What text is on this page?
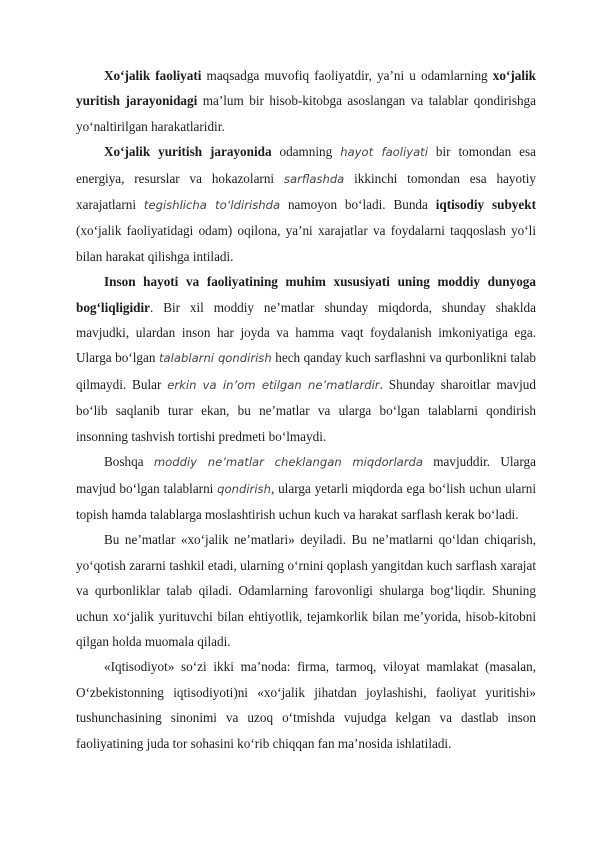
Xo‘jalik faoliyati maqsadga muvofiq faoliyatdir, ya’ni u odamlarning xo‘jalik yuritish jarayonidagi ma’lum bir hisob-kitobga asoslangan va talablar qondirishga yo‘naltirilgan harakatlaridir.

Xo‘jalik yuritish jarayonida odamning hayot faoliyati bir tomondan esa energiya, resurslar va hokazolarni sarflashda ikkinchi tomondan esa hayotiy xarajatlarni tegishlicha to‘ldirishda namoyon bo‘ladi. Bunda iqtisodiy subyekt (xo‘jalik faoliyatidagi odam) oqilona, ya’ni xarajatlar va foydalarni taqqoslash yo‘li bilan harakat qilishga intiladi.

Inson hayoti va faoliyatining muhim xususiyati uning moddiy dunyoga bog‘liqligidir. Bir xil moddiy ne’matlar shunday miqdorda, shunday shaklda mavjudki, ulardan inson har joyda va hamma vaqt foydalanish imkoniyatiga ega. Ularga bo‘lgan talablarni qondirish hech qanday kuch sarflashni va qurbonlikni talab qilmaydi. Bular erkin va in’om etilgan ne’matlardir. Shunday sharoitlar mavjud bo‘lib saqlanib turar ekan, bu ne’matlar va ularga bo‘lgan talablarni qondirish insonning tashvish tortishi predmeti bo‘lmaydi.

Boshqa moddiy ne’matlar cheklangan miqdorlarda mavjuddir. Ularga mavjud bo‘lgan talablarni qondirish, ularga yetarli miqdorda ega bo‘lish uchun ularni topish hamda talablarga moslashtirish uchun kuch va harakat sarflash kerak bo‘ladi.

Bu ne’matlar «xo‘jalik ne’matlari» deyiladi. Bu ne’matlarni qo‘ldan chiqarish, yo‘qotish zararni tashkil etadi, ularning o‘rnini qoplash yangitdan kuch sarflash xarajat va qurbonliklar talab qiladi. Odamlarning farovonligi shularga bog‘liqdir. Shuning uchun xo‘jalik yurituvchi bilan ehtiyotlik, tejamkorlik bilan me’yorida, hisob-kitobni qilgan holda muomala qiladi.

«Iqtisodiyot» so‘zi ikki ma’noda: firma, tarmoq, viloyat mamlakat (masalan, O‘zbekistonning iqtisodiyoti)ni «xo‘jalik jihatdan joylashishi, faoliyat yuritishi» tushunchasining sinonimi va uzoq o‘tmishda vujudga kelgan va dastlab inson faoliyatining juda tor sohasini ko‘rib chiqqan fan ma’nosida ishlatiladi.
